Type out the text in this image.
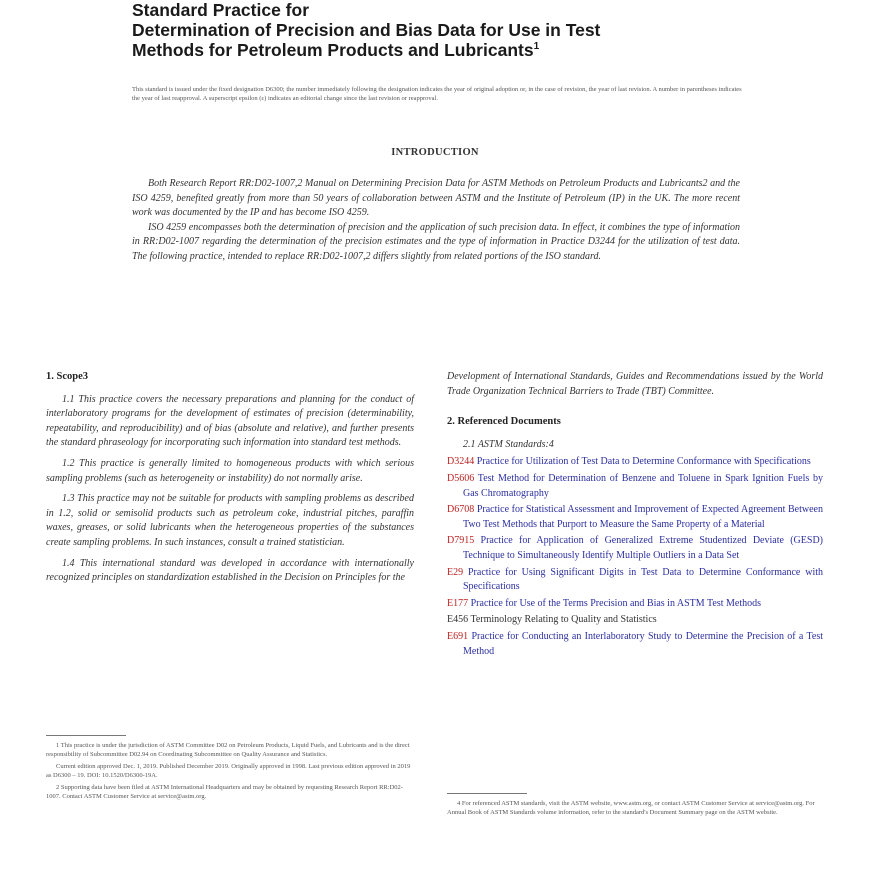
Standard Practice for
Determination of Precision and Bias Data for Use in Test
Methods for Petroleum Products and Lubricants$^1$
This standard is issued under the fixed designation D6300; the number immediately following the designation indicates the year of original adoption or, in the case of revision, the year of last revision. A number in parentheses indicates the year of last reapproval. A superscript epsilon (ε) indicates an editorial change since the last revision or reapproval.
INTRODUCTION

Both Research Report RR:D02-1007,2 Manual on Determining Precision Data for ASTM Methods on Petroleum Products and Lubricants2 and the ISO 4259, benefited greatly from more than 50 years of collaboration between ASTM and the Institute of Petroleum (IP) in the UK. The more recent work was documented by the IP and has become ISO 4259.

ISO 4259 encompasses both the determination of precision and the application of such precision data. In effect, it combines the type of information in RR:D02-1007 regarding the determination of the precision estimates and the type of information in Practice D3244 for the utilization of test data. The following practice, intended to replace RR:D02-1007,2 differs slightly from related portions of the ISO standard.

1. Scope3

1.1 This practice covers the necessary preparations and planning for the conduct of interlaboratory programs for the development of estimates of precision (determinability, repeatability, and reproducibility) and of bias (absolute and relative), and further presents the standard phraseology for incorporating such information into standard test methods.

1.2 This practice is generally limited to homogeneous products with which serious sampling problems (such as heterogeneity or instability) do not normally arise.

1.3 This practice may not be suitable for products with sampling problems as described in 1.2, solid or semisolid products such as petroleum coke, industrial pitches, paraffin waxes, greases, or solid lubricants when the heterogeneous properties of the substances create sampling problems. In such instances, consult a trained statistician.

1.4 This international standard was developed in accordance with internationally recognized principles on standardization established in the Decision on Principles for the

Development of International Standards, Guides and Recommendations issued by the World Trade Organization Technical Barriers to Trade (TBT) Committee.

2. Referenced Documents
2.1 ASTM Standards:4
D3244 Practice for Utilization of Test Data to Determine Conformance with Specifications
D5606 Test Method for Determination of Benzene and Toluene in Spark Ignition Fuels by Gas Chromatography
D6708 Practice for Statistical Assessment and Improvement of Expected Agreement Between Two Test Methods that Purport to Measure the Same Property of a Material
D7915 Practice for Application of Generalized Extreme Studentized Deviate (GESD) Technique to Simultaneously Identify Multiple Outliers in a Data Set
E29 Practice for Using Significant Digits in Test Data to Determine Conformance with Specifications
E177 Practice for Use of the Terms Precision and Bias in ASTM Test Methods
E456 Terminology Relating to Quality and Statistics
E691 Practice for Conducting an Interlaboratory Study to Determine the Precision of a Test Method

1 This practice is under the jurisdiction of ASTM Committee D02 on Petroleum Products, Liquid Fuels, and Lubricants and is the direct responsibility of Subcommittee D02.94 on Coordinating Subcommittee on Quality Assurance and Statistics.

Current edition approved Dec. 1, 2019. Published December 2019. Originally approved in 1998. Last previous edition approved in 2019 as D6300 – 19. DOI: 10.1520/D6300-19A.

2 Supporting data have been filed at ASTM International Headquarters and may be obtained by requesting Research Report RR:D02-1007. Contact ASTM Customer Service at service@astm.org.

4 For referenced ASTM standards, visit the ASTM website, www.astm.org, or contact ASTM Customer Service at service@astm.org. For Annual Book of ASTM Standards volume information, refer to the standard's Document Summary page on the ASTM website.
